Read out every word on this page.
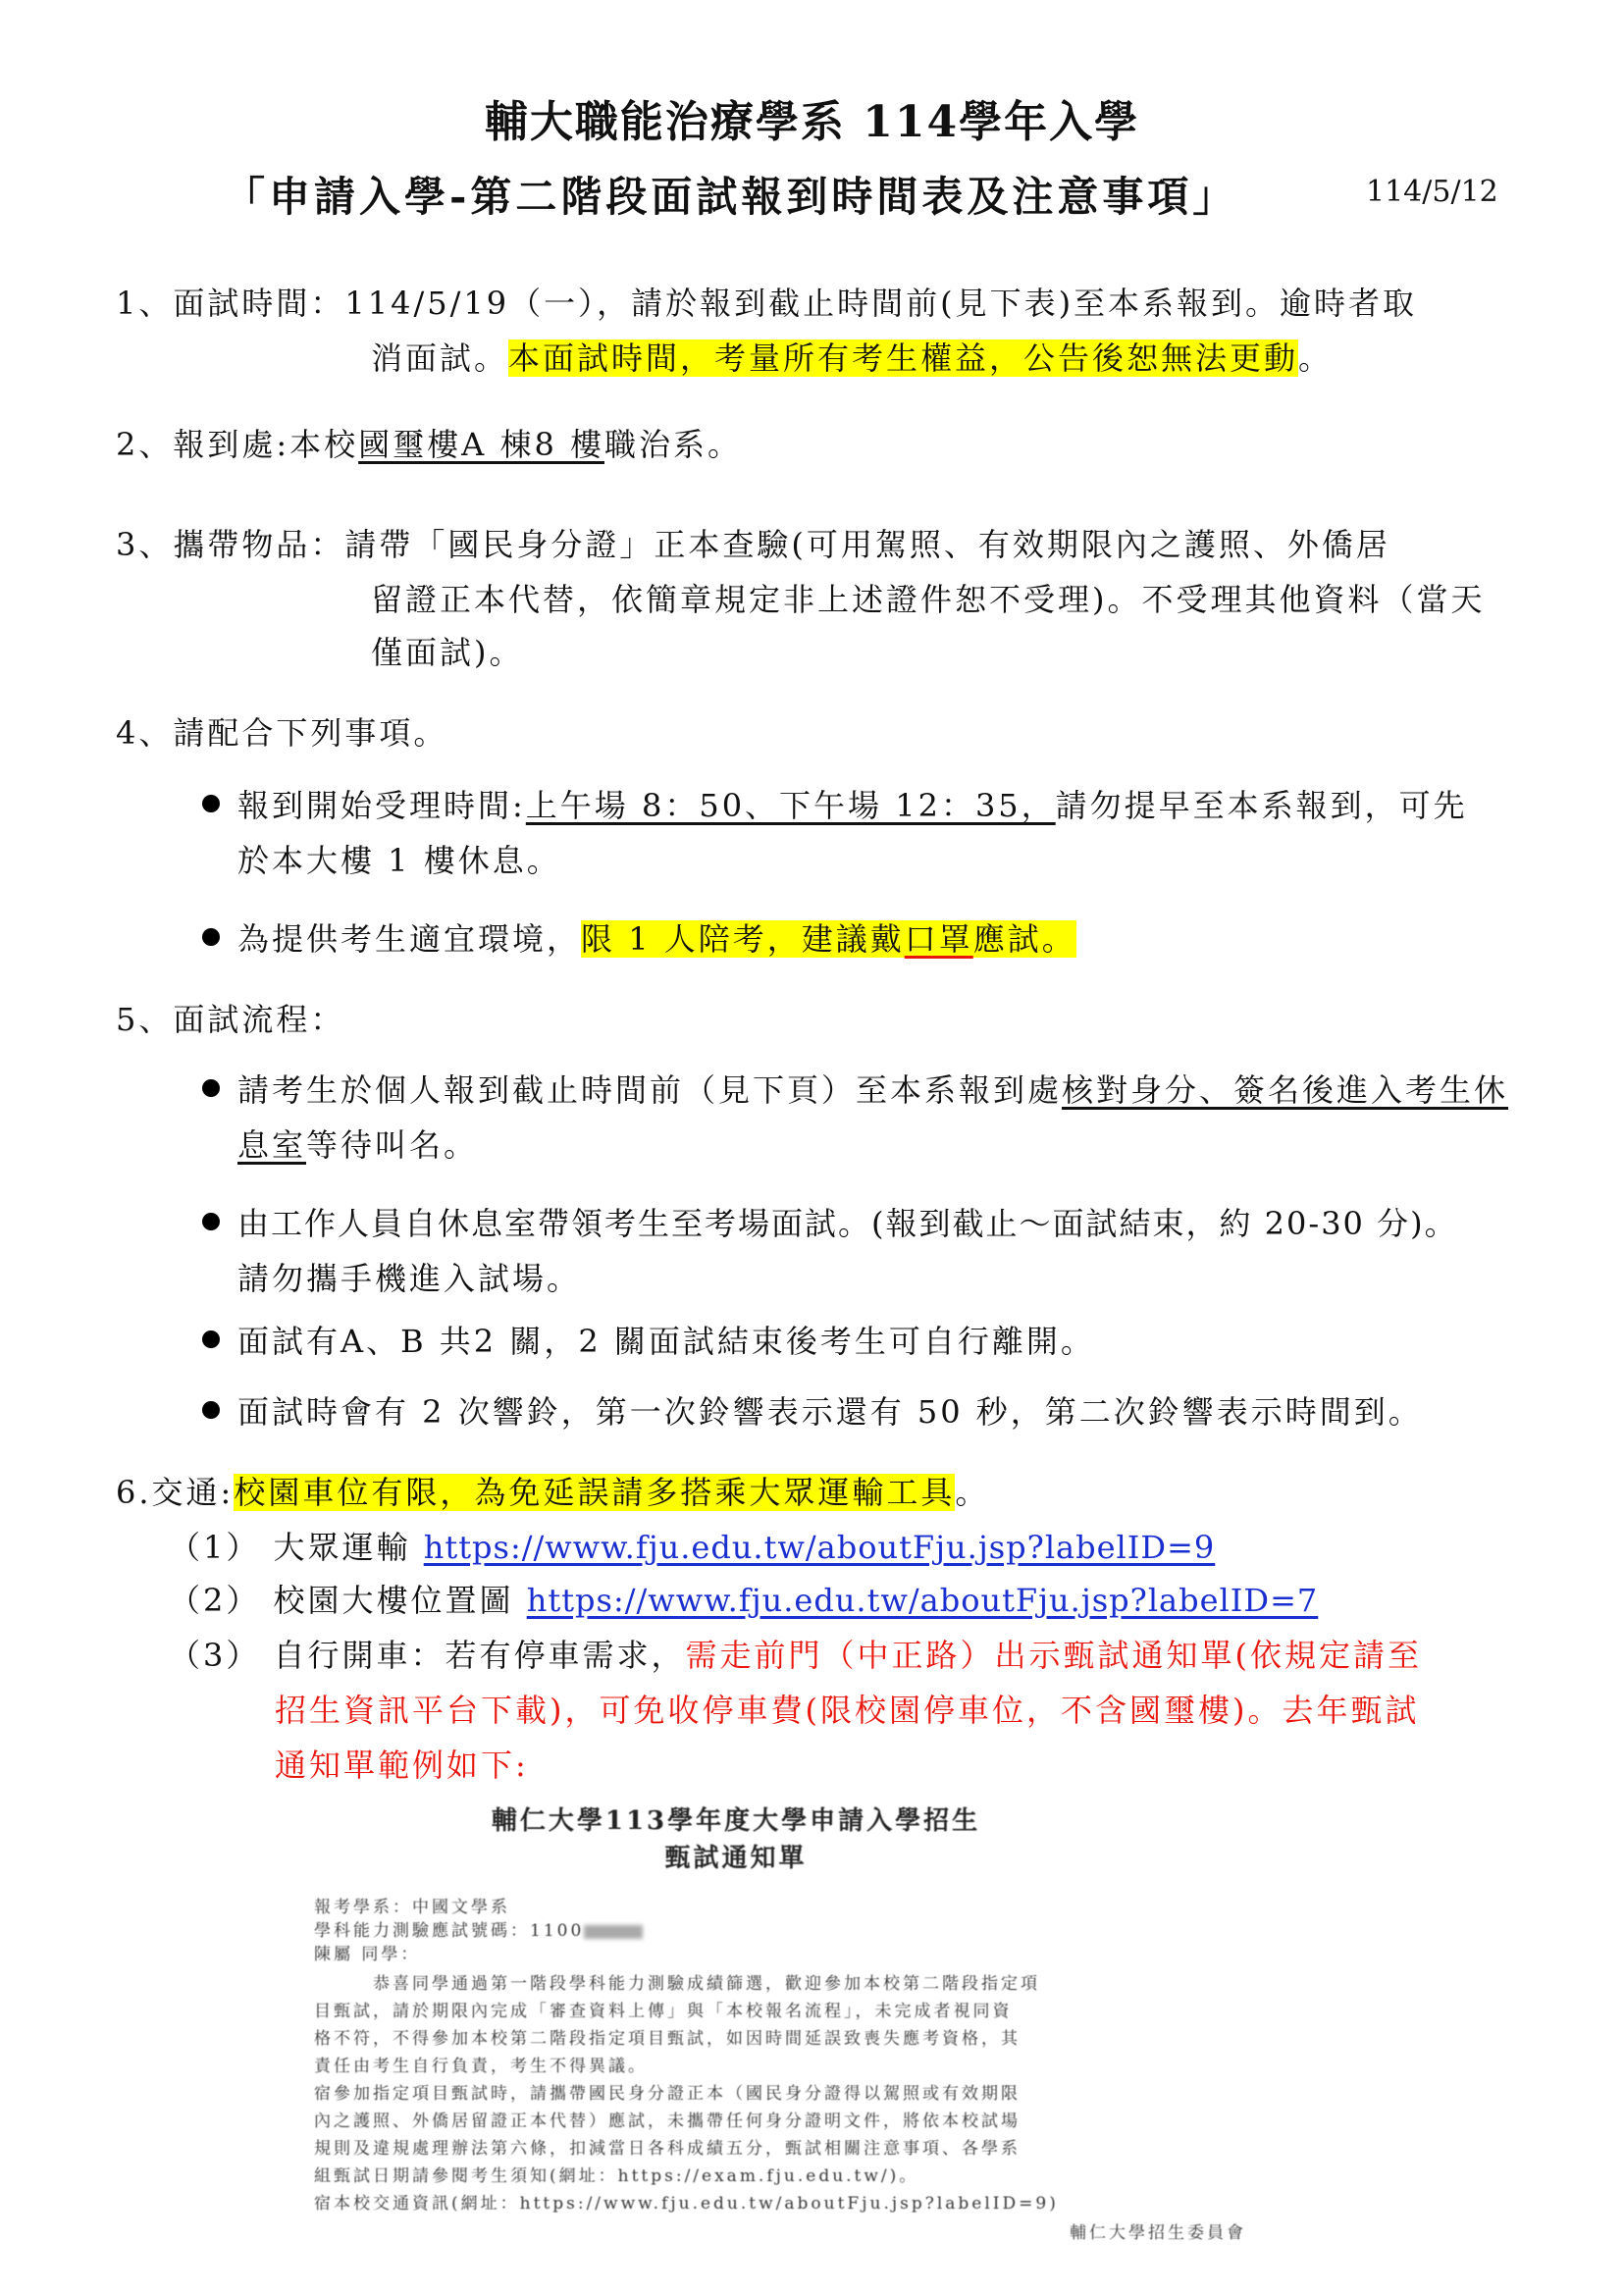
輔大職能治療學系 114學年入學
「申請入學-第二階段面試報到時間表及注意事項」	114/5/12
1、面試時間：114/5/19（一），請於報到截止時間前(見下表)至本系報到。逾時者取
消面試。本面試時間，考量所有考生權益，公告後恕無法更動。
2、報到處:本校國璽樓A 棟8 樓職治系。
3、攜帶物品：請帶「國民身分證」正本查驗(可用駕照、有效期限內之護照、外僑居
留證正本代替，依簡章規定非上述證件恕不受理)。不受理其他資料（當天
僅面試)。
4、請配合下列事項。
報到開始受理時間:上午場 8：50、下午場 12：35，請勿提早至本系報到，可先
於本大樓 1 樓休息。
為提供考生適宜環境，限 1 人陪考，建議戴口罩應試。
5、面試流程：
請考生於個人報到截止時間前（見下頁）至本系報到處核對身分、簽名後進入考生休
息室等待叫名。
由工作人員自休息室帶領考生至考場面試。(報到截止～面試結束，約 20-30 分)。
請勿攜手機進入試場。
面試有A、B 共2 關，2 關面試結束後考生可自行離開。
面試時會有 2 次響鈴，第一次鈴響表示還有 50 秒，第二次鈴響表示時間到。
6.交通:校園車位有限，為免延誤請多搭乘大眾運輸工具。
（1） 大眾運輸 https://www.fju.edu.tw/aboutFju.jsp?labelID=9
（2） 校園大樓位置圖 https://www.fju.edu.tw/aboutFju.jsp?labelID=7
（3） 自行開車：若有停車需求，需走前門（中正路）出示甄試通知單(依規定請至
招生資訊平台下載)，可免收停車費(限校園停車位，不含國璽樓)。去年甄試
通知單範例如下:
輔仁大學113學年度大學申請入學招生
甄試通知單
報考學系：中國文學系
學科能力測驗應試號碼：1100
陳屬 同學：
恭喜同學通過第一階段學科能力測驗成績篩選，歡迎參加本校第二階段指定項
目甄試，請於期限內完成「審查資料上傳」與「本校報名流程」，未完成者視同資
格不符，不得參加本校第二階段指定項目甄試，如因時間延誤致喪失應考資格，其
責任由考生自行負責，考生不得異議。
宿參加指定項目甄試時，請攜帶國民身分證正本（國民身分證得以駕照或有效期限
內之護照、外僑居留證正本代替）應試，未攜帶任何身分證明文件，將依本校試場
規則及違規處理辦法第六條，扣減當日各科成績五分，甄試相關注意事項、各學系
組甄試日期請參閱考生須知(網址：https://exam.fju.edu.tw/)。
宿本校交通資訊(網址：https://www.fju.edu.tw/aboutFju.jsp?labelID=9)
輔仁大學招生委員會
